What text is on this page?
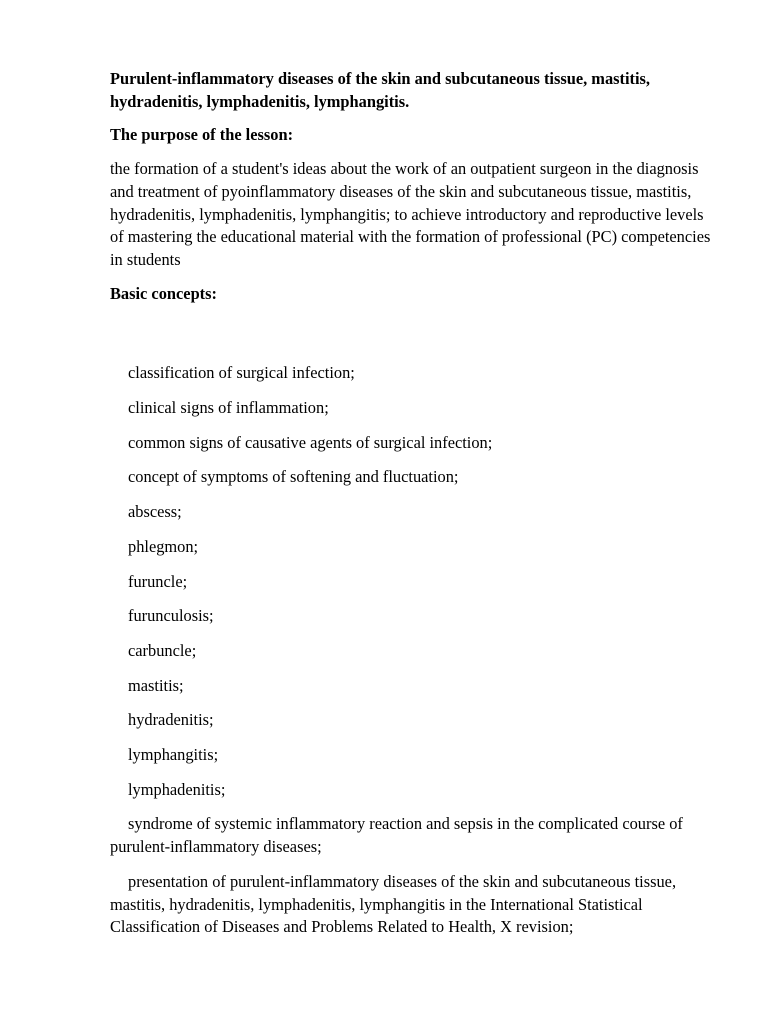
Purulent-inflammatory diseases of the skin and subcutaneous tissue, mastitis, hydradenitis, lymphadenitis, lymphangitis.

The purpose of the lesson:

the formation of a student's ideas about the work of an outpatient surgeon in the diagnosis and treatment of pyoinflammatory diseases of the skin and subcutaneous tissue, mastitis, hydradenitis, lymphadenitis, lymphangitis; to achieve introductory and reproductive levels of mastering the educational material with the formation of professional (PC) competencies in students

Basic concepts:

classification of surgical infection;
clinical signs of inflammation;
common signs of causative agents of surgical infection;
concept of symptoms of softening and fluctuation;
abscess;
phlegmon;
furuncle;
furunculosis;
carbuncle;
mastitis;
hydradenitis;
lymphangitis;
lymphadenitis;
syndrome of systemic inflammatory reaction and sepsis in the complicated course of purulent-inflammatory diseases;
presentation of purulent-inflammatory diseases of the skin and subcutaneous tissue, mastitis, hydradenitis, lymphadenitis, lymphangitis in the International Statistical Classification of Diseases and Problems Related to Health, X revision;
